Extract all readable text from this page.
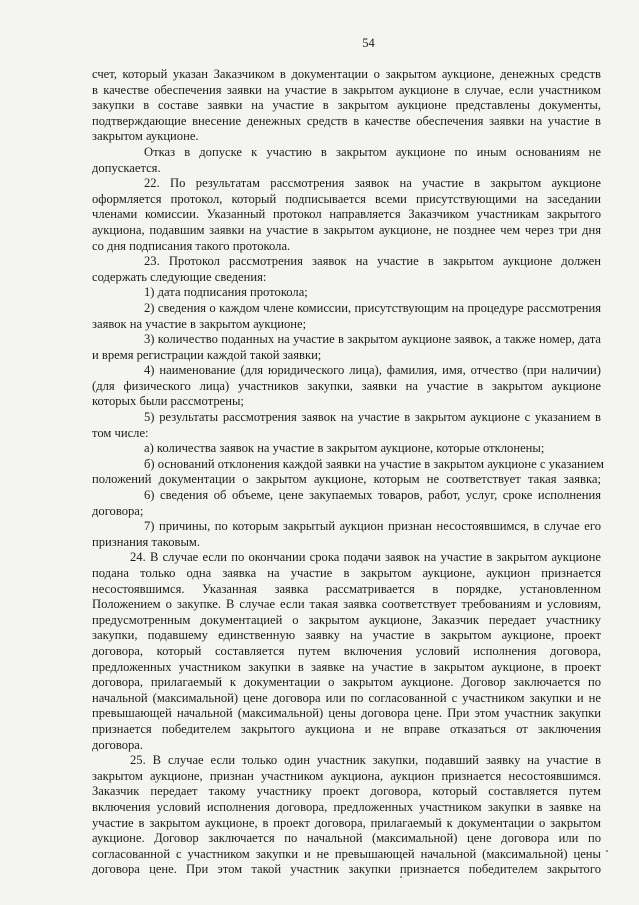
54
счет, который указан Заказчиком в документации о закрытом аукционе, денежных средств
в качестве обеспечения заявки на участие в закрытом аукционе в случае, если участником
закупки в составе заявки на участие в закрытом аукционе представлены документы,
подтверждающие внесение денежных средств в качестве обеспечения заявки на участие в
закрытом аукционе.
Отказ в допуске к участию в закрытом аукционе по иным основаниям не
допускается.
22. По результатам рассмотрения заявок на участие в закрытом аукционе
оформляется протокол, который подписывается всеми присутствующими на заседании
членами комиссии. Указанный протокол направляется Заказчиком участникам закрытого
аукциона, подавшим заявки на участие в закрытом аукционе, не позднее чем через три дня
со дня подписания такого протокола.
23. Протокол рассмотрения заявок на участие в закрытом аукционе должен
содержать следующие сведения:
1) дата подписания протокола;
2) сведения о каждом члене комиссии, присутствующим на процедуре рассмотрения
заявок на участие в закрытом аукционе;
3) количество поданных на участие в закрытом аукционе заявок, а также номер, дата
и время регистрации каждой такой заявки;
4) наименование (для юридического лица), фамилия, имя, отчество (при наличии)
(для физического лица) участников закупки, заявки на участие в закрытом аукционе
которых были рассмотрены;
5) результаты рассмотрения заявок на участие в закрытом аукционе с указанием в
том числе:
а) количества заявок на участие в закрытом аукционе, которые отклонены;
б) оснований отклонения каждой заявки на участие в закрытом аукционе с указанием
положений документации о закрытом аукционе, которым не соответствует такая заявка;
6) сведения об объеме, цене закупаемых товаров, работ, услуг, сроке исполнения
договора;
7) причины, по которым закрытый аукцион признан несостоявшимся, в случае его
признания таковым.
24. В случае если по окончании срока подачи заявок на участие в закрытом аукционе
подана только одна заявка на участие в закрытом аукционе, аукцион признается
несостоявшимся. Указанная заявка рассматривается в порядке, установленном
Положением о закупке. В случае если такая заявка соответствует требованиям и условиям,
предусмотренным документацией о закрытом аукционе, Заказчик передает участнику
закупки, подавшему единственную заявку на участие в закрытом аукционе, проект
договора, который составляется путем включения условий исполнения договора,
предложенных участником закупки в заявке на участие в закрытом аукционе, в проект
договора, прилагаемый к документации о закрытом аукционе. Договор заключается по
начальной (максимальной) цене договора или по согласованной с участником закупки и не
превышающей начальной (максимальной) цены договора цене. При этом участник закупки
признается победителем закрытого аукциона и не вправе отказаться от заключения
договора.
25. В случае если только один участник закупки, подавший заявку на участие в
закрытом аукционе, признан участником аукциона, аукцион признается несостоявшимся.
Заказчик передает такому участнику проект договора, который составляется путем
включения условий исполнения договора, предложенных участником закупки в заявке на
участие в закрытом аукционе, в проект договора, прилагаемый к документации о закрытом
аукционе. Договор заключается по начальной (максимальной) цене договора или по
согласованной с участником закупки и не превышающей начальной (максимальной) цены
договора цене. При этом такой участник закупки признается победителем закрытого
